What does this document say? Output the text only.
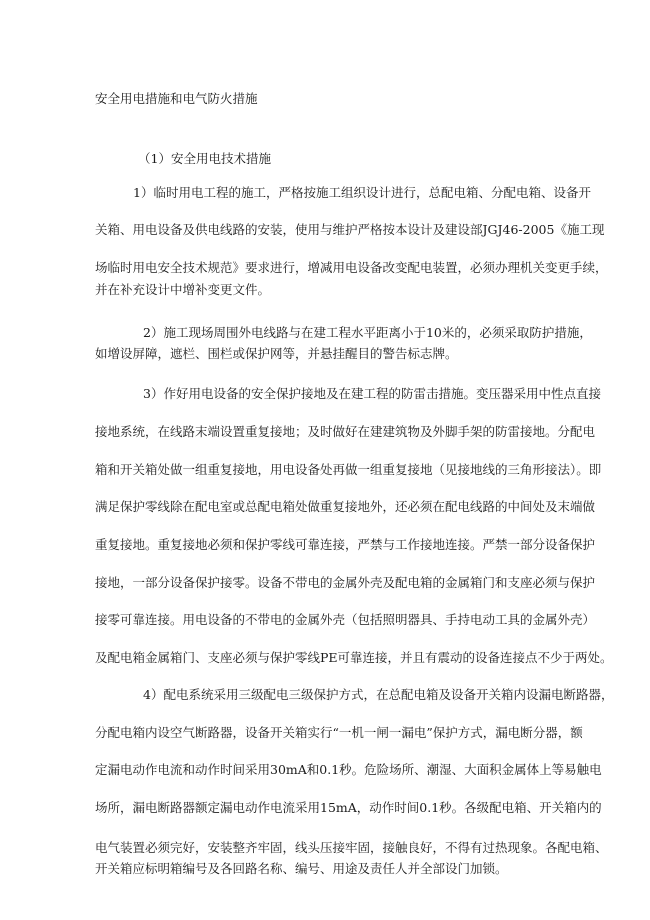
安全用电措施和电气防火措施
（1）安全用电技术措施
1）临时用电工程的施工，严格按施工组织设计进行，总配电箱、分配电箱、设备开
关箱、用电设备及供电线路的安装，使用与维护严格按本设计及建设部JGJ46-2005《施工现
场临时用电安全技术规范》要求进行，增减用电设备改变配电装置，必须办理机关变更手续，
并在补充设计中增补变更文件。
2）施工现场周围外电线路与在建工程水平距离小于10米的，必须采取防护措施，
如增设屏障，遮栏、围栏或保护网等，并悬挂醒目的警告标志牌。
3）作好用电设备的安全保护接地及在建工程的防雷击措施。变压器采用中性点直接
接地系统，在线路末端设置重复接地；及时做好在建建筑物及外脚手架的防雷接地。分配电
箱和开关箱处做一组重复接地，用电设备处再做一组重复接地（见接地线的三角形接法）。即
满足保护零线除在配电室或总配电箱处做重复接地外，还必须在配电线路的中间处及末端做
重复接地。重复接地必须和保护零线可靠连接，严禁与工作接地连接。严禁一部分设备保护
接地，一部分设备保护接零。设备不带电的金属外壳及配电箱的金属箱门和支座必须与保护
接零可靠连接。用电设备的不带电的金属外壳（包括照明器具、手持电动工具的金属外壳）
及配电箱金属箱门、支座必须与保护零线PE可靠连接，并且有震动的设备连接点不少于两处。
4）配电系统采用三级配电三级保护方式，在总配电箱及设备开关箱内设漏电断路器，
分配电箱内设空气断路器，设备开关箱实行“一机一闸一漏电”保护方式，漏电断分器，额
定漏电动作电流和动作时间采用30mA和0.1秒。危险场所、潮湿、大面积金属体上等易触电
场所，漏电断路器额定漏电动作电流采用15mA，动作时间0.1秒。各级配电箱、开关箱内的
电气装置必须完好，安装整齐牢固，线头压接牢固，接触良好，不得有过热现象。各配电箱、
开关箱应标明箱编号及各回路名称、编号、用途及责任人并全部设门加锁。
